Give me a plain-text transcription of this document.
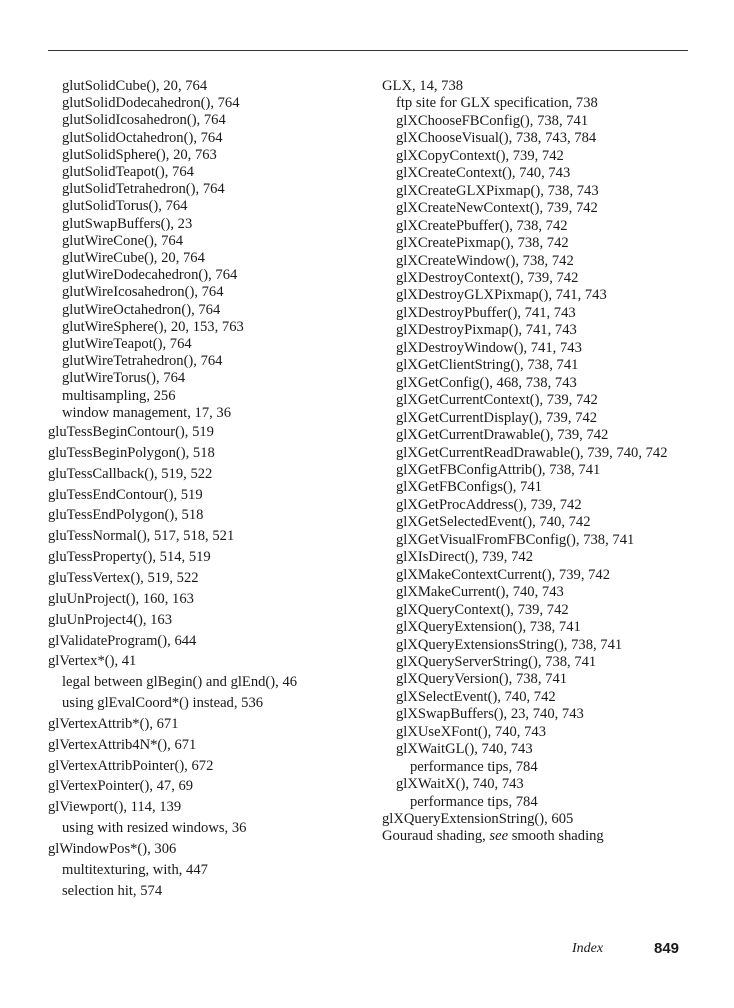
glutSolidCube(), 20, 764
glutSolidDodecahedron(), 764
glutSolidIcosahedron(), 764
glutSolidOctahedron(), 764
glutSolidSphere(), 20, 763
glutSolidTeapot(), 764
glutSolidTetrahedron(), 764
glutSolidTorus(), 764
glutSwapBuffers(), 23
glutWireCone(), 764
glutWireCube(), 20, 764
glutWireDodecahedron(), 764
glutWireIcosahedron(), 764
glutWireOctahedron(), 764
glutWireSphere(), 20, 153, 763
glutWireTeapot(), 764
glutWireTetrahedron(), 764
glutWireTorus(), 764
multisampling, 256
window management, 17, 36
gluTessBeginContour(), 519
gluTessBeginPolygon(), 518
gluTessCallback(), 519, 522
gluTessEndContour(), 519
gluTessEndPolygon(), 518
gluTessNormal(), 517, 518, 521
gluTessProperty(), 514, 519
gluTessVertex(), 519, 522
gluUnProject(), 160, 163
gluUnProject4(), 163
glValidateProgram(), 644
glVertex*(), 41
legal between glBegin() and glEnd(), 46
using glEvalCoord*() instead, 536
glVertexAttrib*(), 671
glVertexAttrib4N*(), 671
glVertexAttribPointer(), 672
glVertexPointer(), 47, 69
glViewport(), 114, 139
using with resized windows, 36
glWindowPos*(), 306
multitexturing, with, 447
selection hit, 574
GLX, 14, 738
ftp site for GLX specification, 738
glXChooseFBConfig(), 738, 741
glXChooseVisual(), 738, 743, 784
glXCopyContext(), 739, 742
glXCreateContext(), 740, 743
glXCreateGLXPixmap(), 738, 743
glXCreateNewContext(), 739, 742
glXCreatePbuffer(), 738, 742
glXCreatePixmap(), 738, 742
glXCreateWindow(), 738, 742
glXDestroyContext(), 739, 742
glXDestroyGLXPixmap(), 741, 743
glXDestroyPbuffer(), 741, 743
glXDestroyPixmap(), 741, 743
glXDestroyWindow(), 741, 743
glXGetClientString(), 738, 741
glXGetConfig(), 468, 738, 743
glXGetCurrentContext(), 739, 742
glXGetCurrentDisplay(), 739, 742
glXGetCurrentDrawable(), 739, 742
glXGetCurrentReadDrawable(), 739, 740, 742
glXGetFBConfigAttrib(), 738, 741
glXGetFBConfigs(), 741
glXGetProcAddress(), 739, 742
glXGetSelectedEvent(), 740, 742
glXGetVisualFromFBConfig(), 738, 741
glXIsDirect(), 739, 742
glXMakeContextCurrent(), 739, 742
glXMakeCurrent(), 740, 743
glXQueryContext(), 739, 742
glXQueryExtension(), 738, 741
glXQueryExtensionsString(), 738, 741
glXQueryServerString(), 738, 741
glXQueryVersion(), 738, 741
glXSelectEvent(), 740, 742
glXSwapBuffers(), 23, 740, 743
glXUseXFont(), 740, 743
glXWaitGL(), 740, 743
performance tips, 784
glXWaitX(), 740, 743
performance tips, 784
glXQueryExtensionString(), 605
Gouraud shading, see smooth shading
Index	849
